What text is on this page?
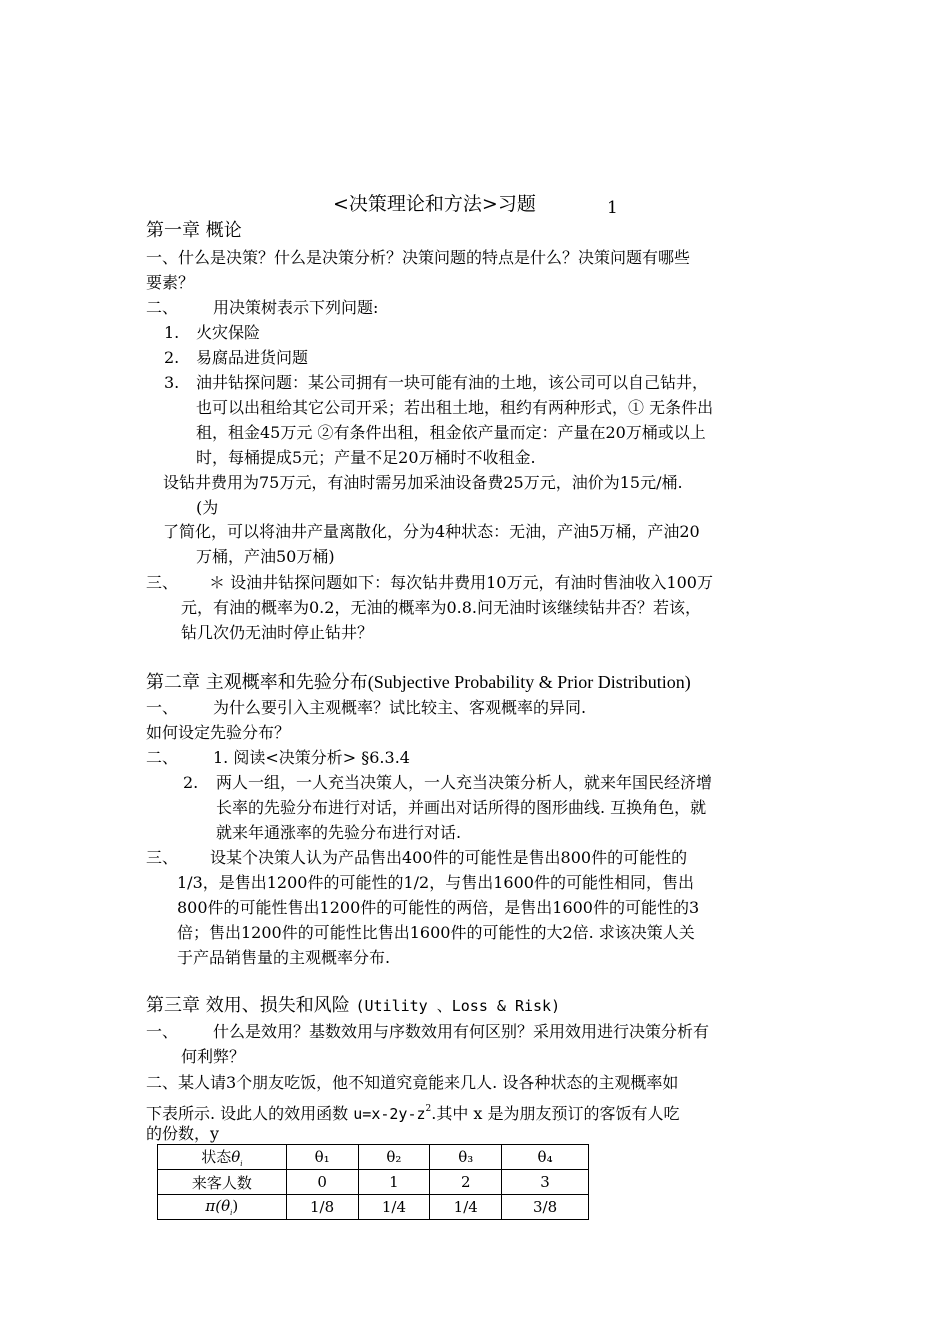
<决策理论和方法>习题	1
第一章 概论
一、什么是决策？什么是决策分析？决策问题的特点是什么？决策问题有哪些
要素？
二、 用决策树表示下列问题:
1. 火灾保险
2. 易腐品进货问题
3. 油井钻探问题：某公司拥有一块可能有油的土地，该公司可以自己钻井，
也可以出租给其它公司开采；若出租土地，租约有两种形式，① 无条件出
租，租金45万元 ②有条件出租，租金依产量而定：产量在20万桶或以上
时，每桶提成5元；产量不足20万桶时不收租金.
设钻井费用为75万元，有油时需另加采油设备费25万元，油价为15元/桶.
(为
了简化，可以将油井产量离散化，分为4种状态：无油，产油5万桶，产油20
万桶，产油50万桶)
三、 ＊ 设油井钻探问题如下：每次钻井费用10万元，有油时售油收入100万
元，有油的概率为0.2，无油的概率为0.8.问无油时该继续钻井否？若该，
钻几次仍无油时停止钻井？
第二章 主观概率和先验分布(Subjective Probability & Prior Distribution)
一、 为什么要引入主观概率？试比较主、客观概率的异同.
如何设定先验分布？
二、 1. 阅读<决策分析> §6.3.4
2. 两人一组，一人充当决策人，一人充当决策分析人，就来年国民经济增
长率的先验分布进行对话，并画出对话所得的图形曲线. 互换角色，就
就来年通涨率的先验分布进行对话.
三、 设某个决策人认为产品售出400件的可能性是售出800件的可能性的
1/3，是售出1200件的可能性的1/2，与售出1600件的可能性相同，售出
800件的可能性售出1200件的可能性的两倍，是售出1600件的可能性的3
倍；售出1200件的可能性比售出1600件的可能性的大2倍. 求该决策人关
于产品销售量的主观概率分布.
第三章 效用、损失和风险 (Utility 、Loss & Risk)
一、 什么是效用？基数效用与序数效用有何区别？采用效用进行决策分析有
何利弊？
二、某人请3个朋友吃饭，他不知道究竟能来几人. 设各种状态的主观概率如
下表所示. 设此人的效用函数 $u=x-2y-z^2$.其中 x 是为朋友预订的客饭有人吃
的份数，y
状态$\theta_i$	θ₁	θ₂	θ₃	θ₄
来客人数	0	1	2	3
$\pi(\theta_i)$	1/8	1/4	1/4	3/8
